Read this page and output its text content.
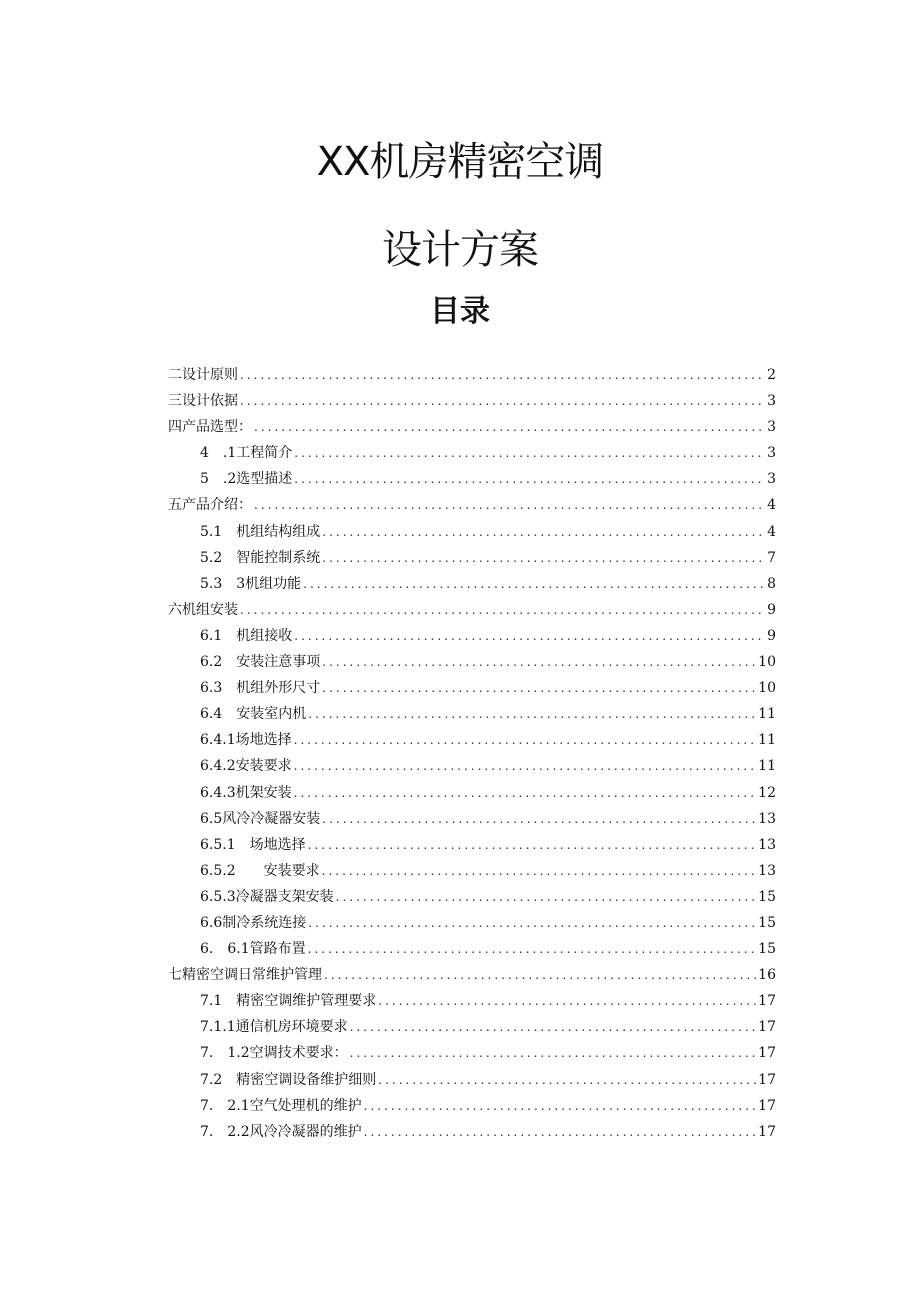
XX机房精密空调
设计方案
目录
二设计原则 .....	2
三设计依据 .....	3
四产品选型： .....	3
4　.1工程简介 .....	3
5　.2选型描述 .....	3
五产品介绍： .....	4
5.1　机组结构组成 .....	4
5.2　智能控制系统 .....	7
5.3　3机组功能 .....	8
六机组安装 .....	9
6.1　机组接收 .....	9
6.2　安装注意事项 .....	10
6.3　机组外形尺寸 .....	10
6.4　安装室内机 .....	11
6.4.1场地选择 .....	11
6.4.2安装要求 .....	11
6.4.3机架安装 .....	12
6.5风冷冷凝器安装 .....	13
6.5.1　场地选择 .....	13
6.5.2　　安装要求 .....	13
6.5.3冷凝器支架安装 .....	15
6.6制冷系统连接 .....	15
6.　6.1管路布置 .....	15
七精密空调日常维护管理 .....	16
7.1　精密空调维护管理要求 .....	17
7.1.1通信机房环境要求 .....	17
7.　1.2空调技术要求： .....	17
7.2　精密空调设备维护细则 .....	17
7.　2.1空气处理机的维护 .....	17
7.　2.2风冷冷凝器的维护 .....	17
